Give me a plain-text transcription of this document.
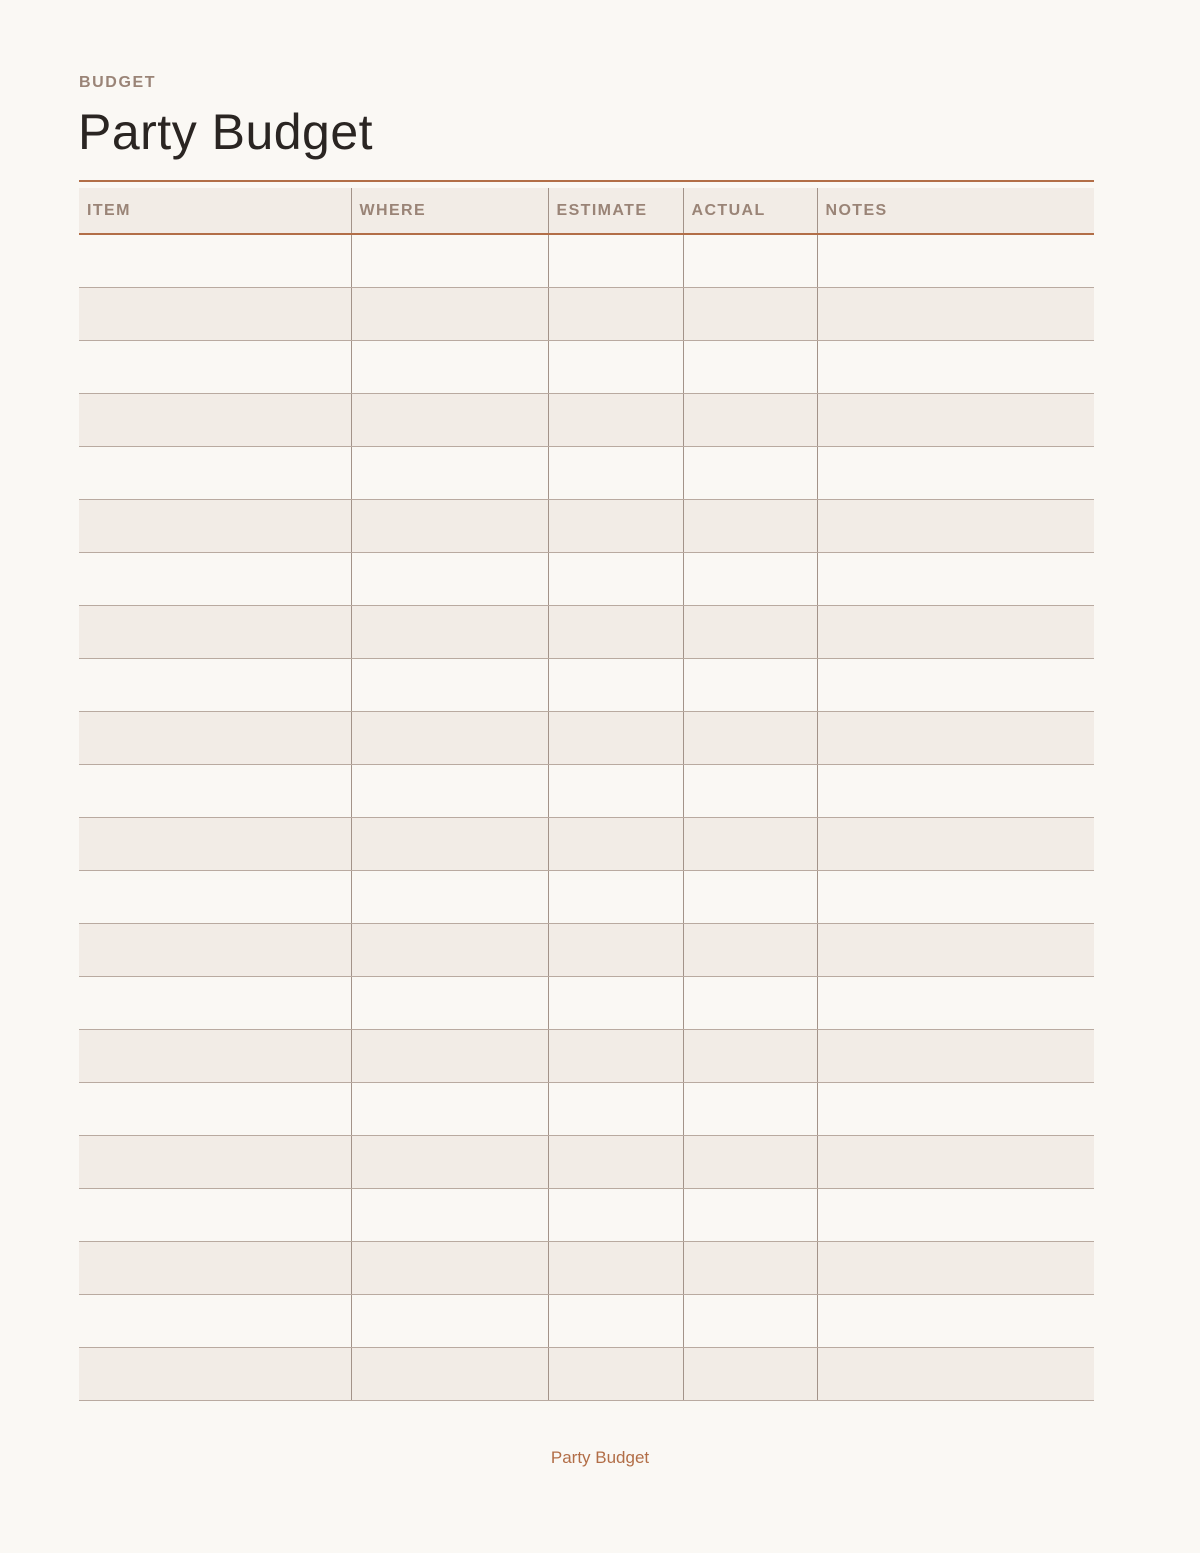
BUDGET
Party Budget
ITEM	WHERE	ESTIMATE	ACTUAL	NOTES

Party Budget
